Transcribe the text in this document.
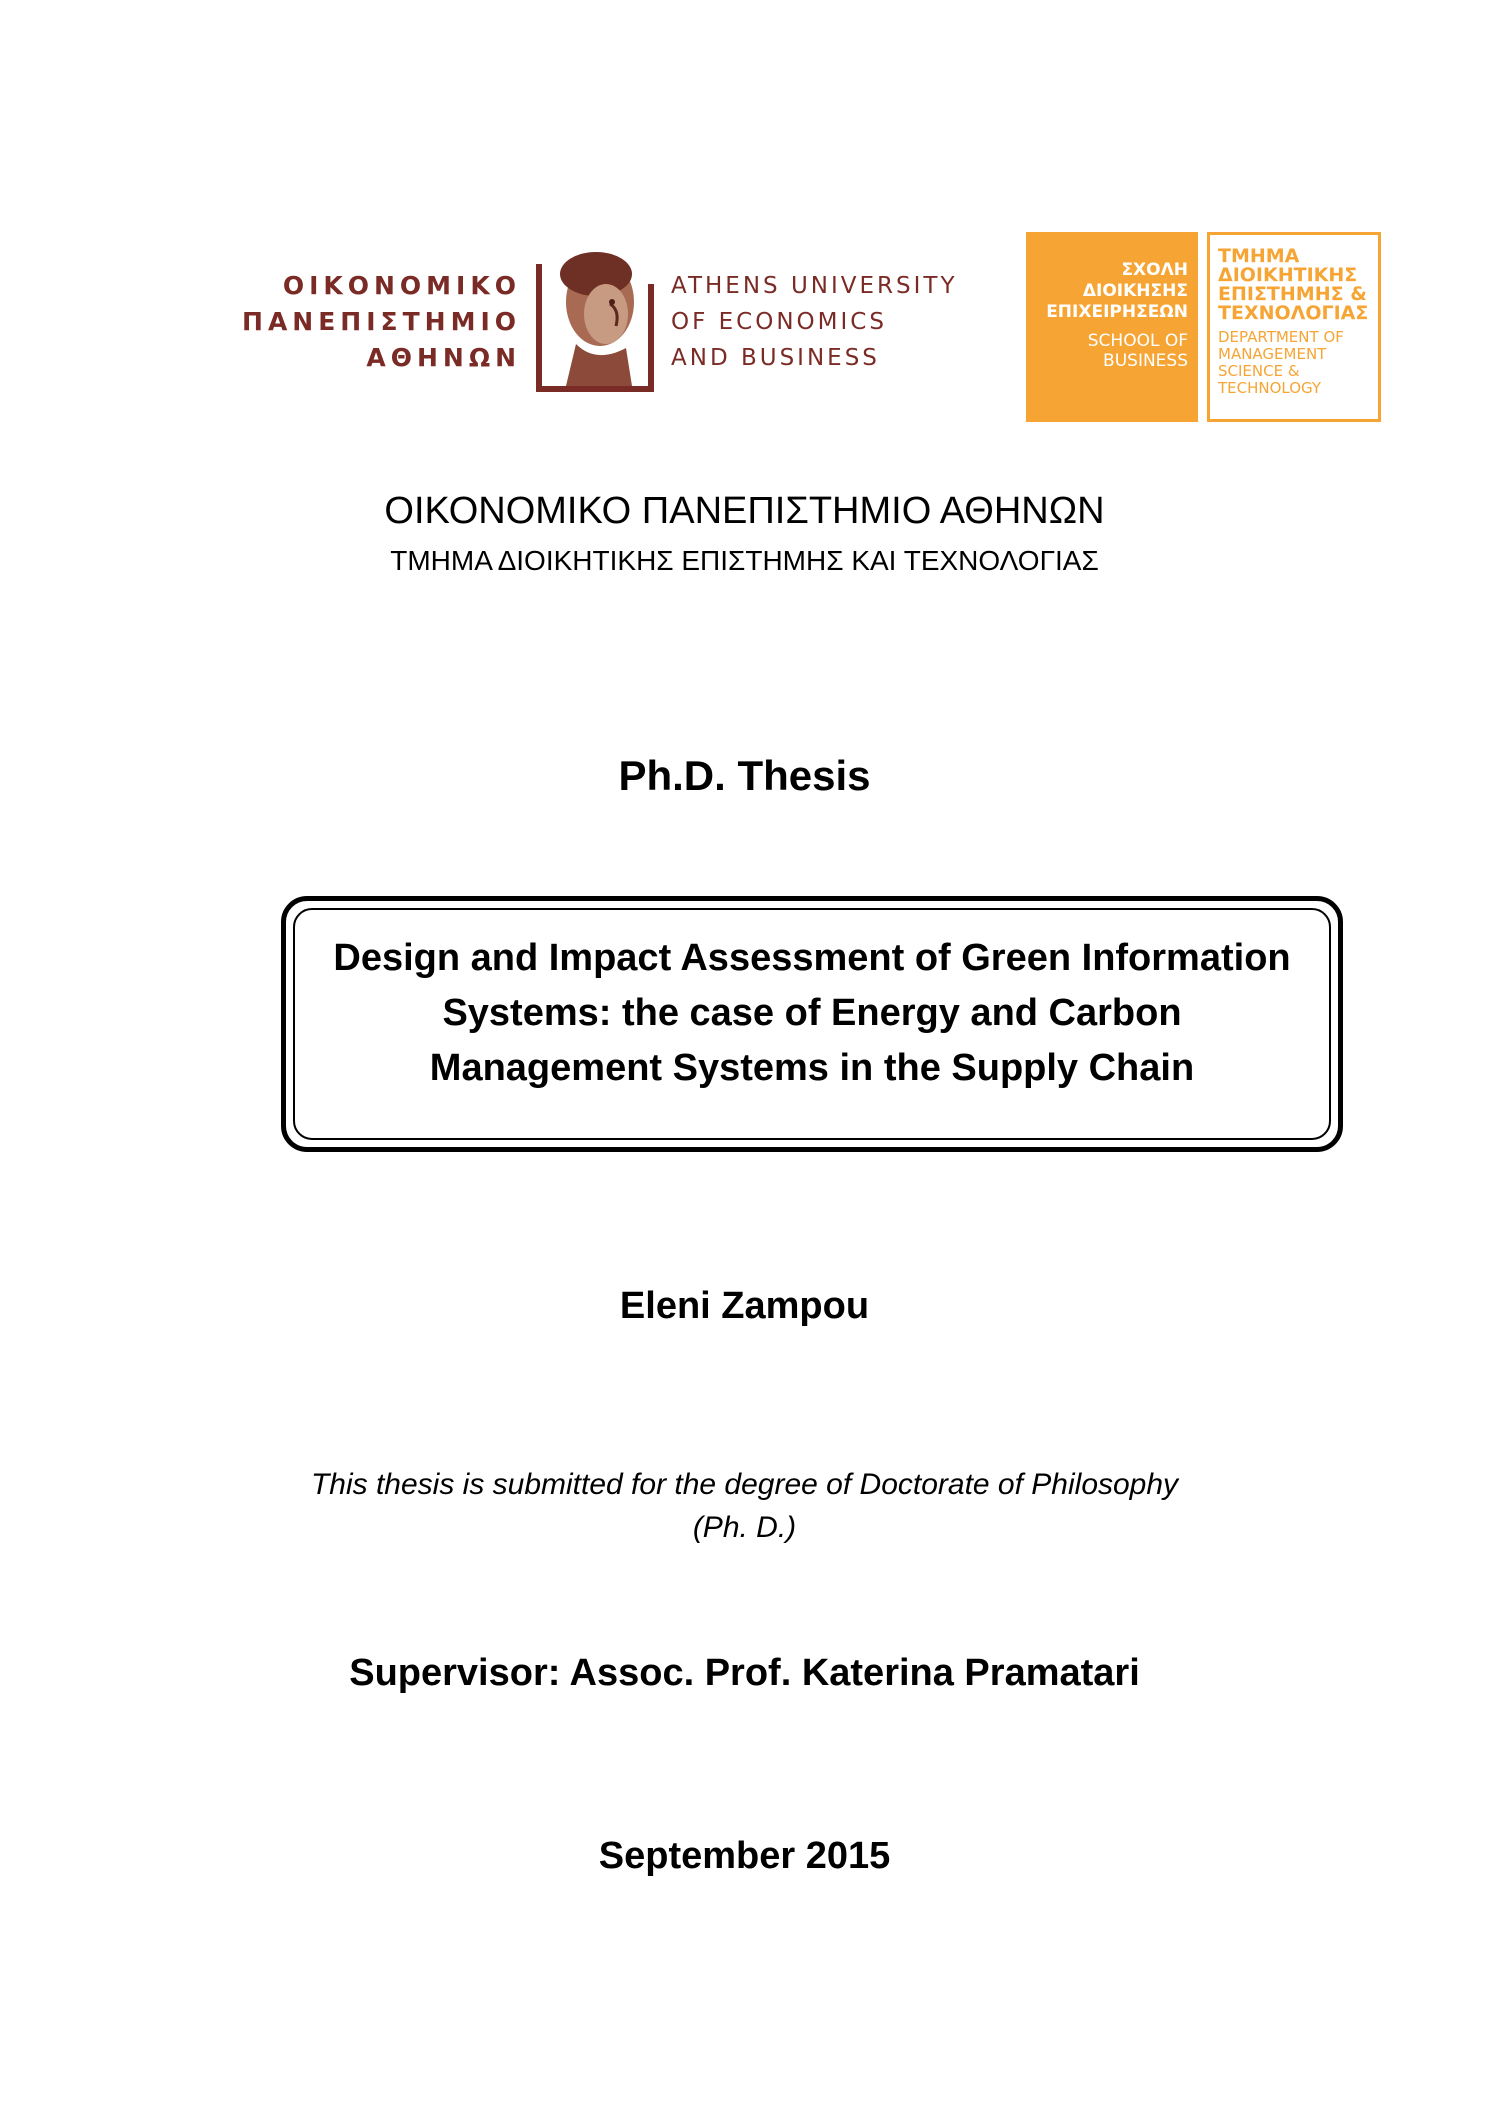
ΟΙΚΟΝΟΜΙΚΟ
ΠΑΝΕΠΙΣΤΗΜΙΟ
ΑΘΗΝΩΝ
ATHENS UNIVERSITY
OF ECONOMICS
AND BUSINESS
ΣΧΟΛΗ
ΔΙΟΙΚΗΣΗΣ
ΕΠΙΧΕΙΡΗΣΕΩΝ
SCHOOL OF
BUSINESS
ΤΜΗΜΑ
ΔΙΟΙΚΗΤΙΚΗΣ
ΕΠΙΣΤΗΜΗΣ &
ΤΕΧΝΟΛΟΓΙΑΣ
DEPARTMENT OF
MANAGEMENT
SCIENCE &
TECHNOLOGY
ΟΙΚΟΝΟΜΙΚΟ ΠΑΝΕΠΙΣΤΗΜΙΟ ΑΘΗΝΩΝ
ΤΜΗΜΑ ΔΙΟΙΚΗΤΙΚΗΣ ΕΠΙΣΤΗΜΗΣ ΚΑΙ ΤΕΧΝΟΛΟΓΙΑΣ
Ph.D. Thesis
Design and Impact Assessment of Green Information
Systems: the case of Energy and Carbon
Management Systems in the Supply Chain
Eleni Zampou
This thesis is submitted for the degree of Doctorate of Philosophy
(Ph. D.)
Supervisor: Assoc. Prof. Katerina Pramatari
September 2015
